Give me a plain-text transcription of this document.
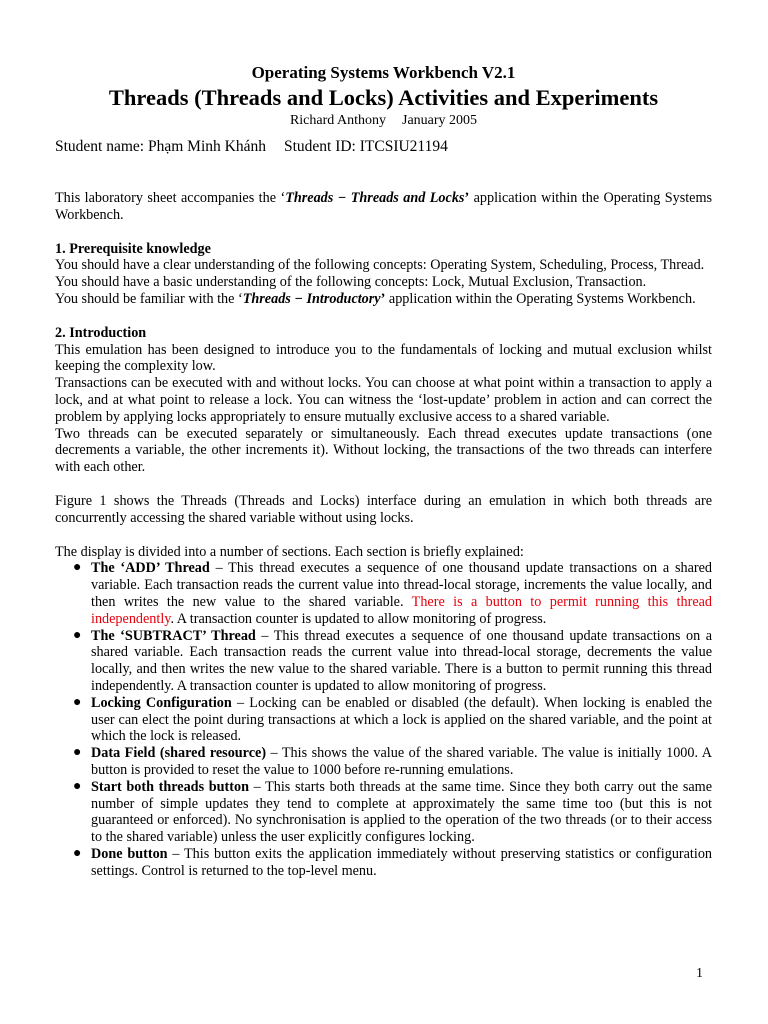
Operating Systems Workbench V2.1
Threads (Threads and Locks) Activities and Experiments
Richard Anthony January 2005
Student name: Phạm Minh Khánh Student ID: ITCSIU21194

This laboratory sheet accompanies the ‘Threads − Threads and Locks’ application within the Operating Systems Workbench.

1. Prerequisite knowledge

You should have a clear understanding of the following concepts: Operating System, Scheduling, Process, Thread.

You should have a basic understanding of the following concepts: Lock, Mutual Exclusion, Transaction.

You should be familiar with the ‘Threads − Introductory’ application within the Operating Systems Workbench.

2. Introduction

This emulation has been designed to introduce you to the fundamentals of locking and mutual exclusion whilst keeping the complexity low.

Transactions can be executed with and without locks. You can choose at what point within a transaction to apply a lock, and at what point to release a lock. You can witness the ‘lost-update’ problem in action and can correct the problem by applying locks appropriately to ensure mutually exclusive access to a shared variable.

Two threads can be executed separately or simultaneously. Each thread executes update transactions (one decrements a variable, the other increments it). Without locking, the transactions of the two threads can interfere with each other.

Figure 1 shows the Threads (Threads and Locks) interface during an emulation in which both threads are concurrently accessing the shared variable without using locks.

The display is divided into a number of sections. Each section is briefly explained:

● The ‘ADD’ Thread – This thread executes a sequence of one thousand update transactions on a shared variable. Each transaction reads the current value into thread-local storage, increments the value locally, and then writes the new value to the shared variable. There is a button to permit running this thread independently. A transaction counter is updated to allow monitoring of progress.
● The ‘SUBTRACT’ Thread – This thread executes a sequence of one thousand update transactions on a shared variable. Each transaction reads the current value into thread-local storage, decrements the value locally, and then writes the new value to the shared variable. There is a button to permit running this thread independently. A transaction counter is updated to allow monitoring of progress.
● Locking Configuration – Locking can be enabled or disabled (the default). When locking is enabled the user can elect the point during transactions at which a lock is applied on the shared variable, and the point at which the lock is released.
● Data Field (shared resource) – This shows the value of the shared variable. The value is initially 1000. A button is provided to reset the value to 1000 before re-running emulations.
● Start both threads button – This starts both threads at the same time. Since they both carry out the same number of simple updates they tend to complete at approximately the same time too (but this is not guaranteed or enforced). No synchronisation is applied to the operation of the two threads (or to their access to the shared variable) unless the user explicitly configures locking.
● Done button – This button exits the application immediately without preserving statistics or configuration settings. Control is returned to the top-level menu.
1
